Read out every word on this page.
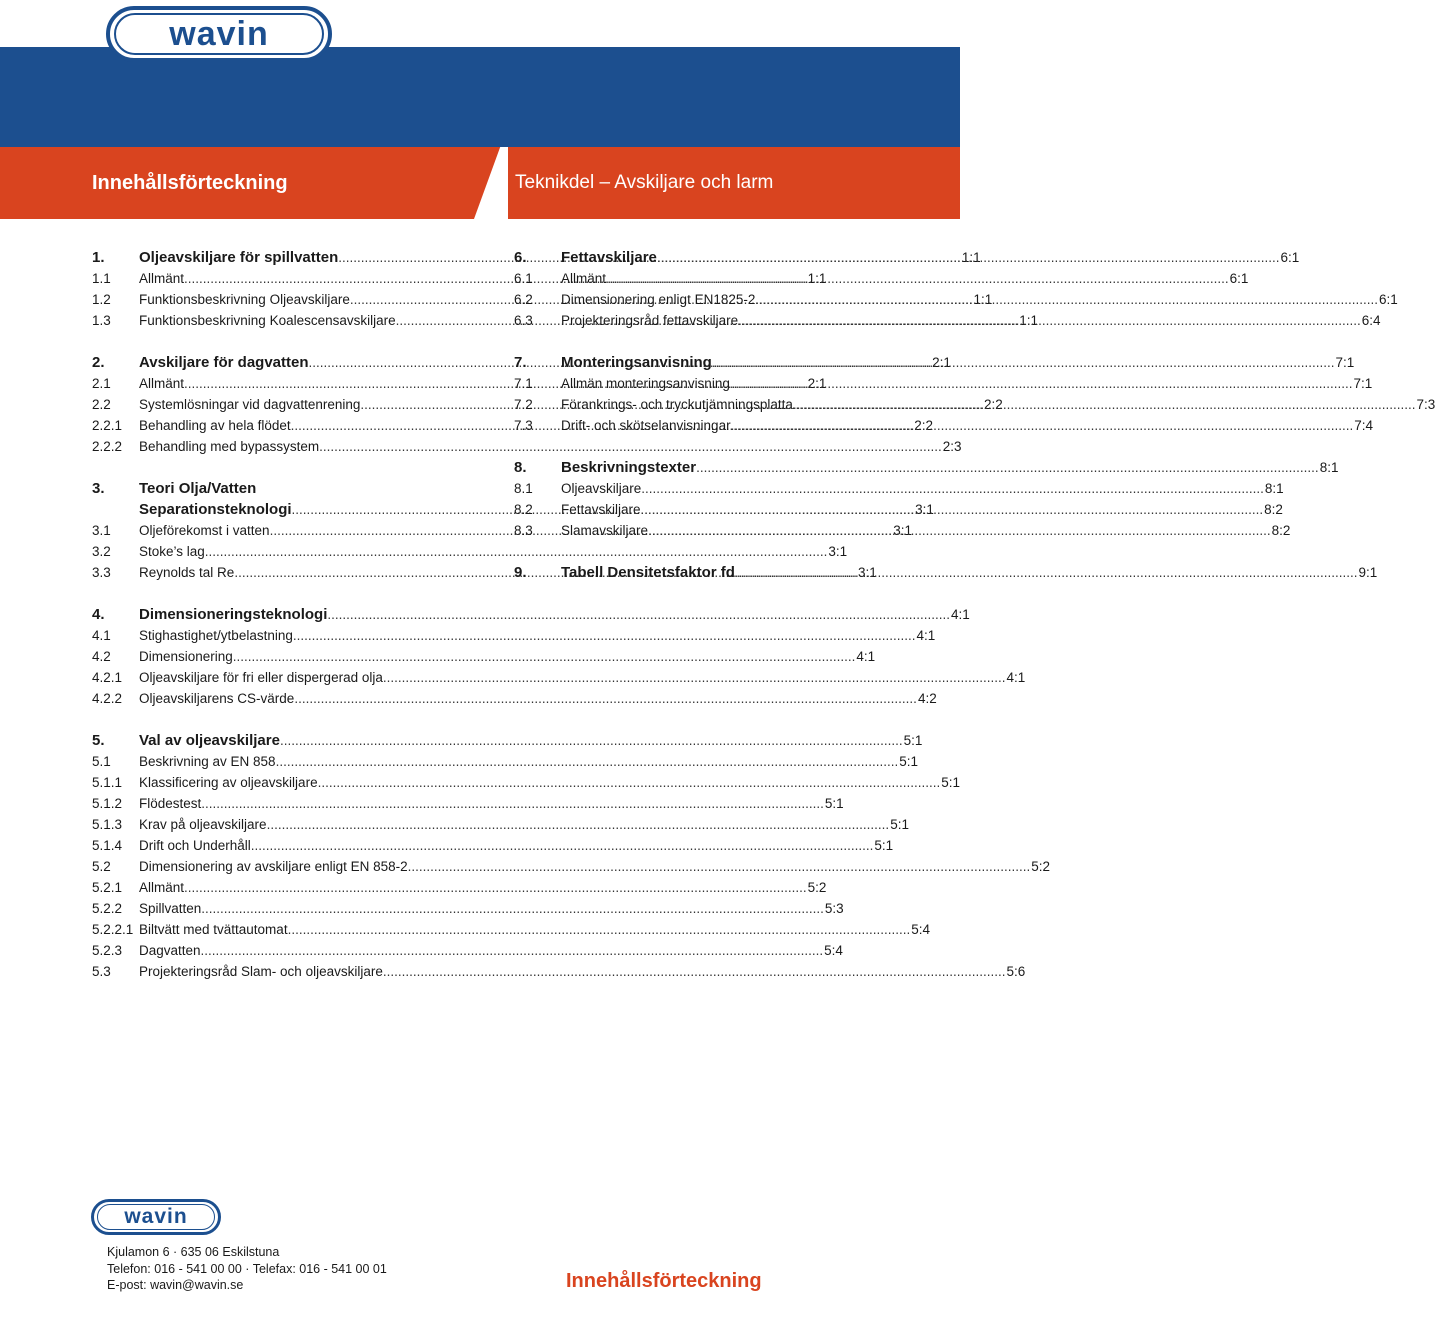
wavin
Innehållsförteckning	Teknikdel – Avskiljare och larm
1.	Oljeavskiljare för spillvatten .....	1:1
1.1	Allmänt .....	1:1
1.2	Funktionsbeskrivning Oljeavskiljare .....	1:1
1.3	Funktionsbeskrivning Koalescensavskiljare .....	1:1
2.	Avskiljare för dagvatten .....	2:1
2.1	Allmänt .....	2:1
2.2	Systemlösningar vid dagvattenrening .....	2:2
2.2.1	Behandling av hela flödet .....	2:2
2.2.2	Behandling med bypassystem .....	2:3
3.	Teori Olja/Vatten
Separationsteknologi .....	3:1
3.1	Oljeförekomst i vatten .....	3:1
3.2	Stoke’s lag .....	3:1
3.3	Reynolds tal Re .....	3:1
4.	Dimensioneringsteknologi .....	4:1
4.1	Stighastighet/ytbelastning .....	4:1
4.2	Dimensionering .....	4:1
4.2.1	Oljeavskiljare för fri eller dispergerad olja .....	4:1
4.2.2	Oljeavskiljarens CS-värde .....	4:2
5.	Val av oljeavskiljare .....	5:1
5.1	Beskrivning av EN 858 .....	5:1
5.1.1	Klassificering av oljeavskiljare .....	5:1
5.1.2	Flödestest .....	5:1
5.1.3	Krav på oljeavskiljare .....	5:1
5.1.4	Drift och Underhåll .....	5:1
5.2	Dimensionering av avskiljare enligt EN 858-2 .....	5:2
5.2.1	Allmänt .....	5:2
5.2.2	Spillvatten .....	5:3
5.2.2.1 Biltvätt med tvättautomat .....	5:4
5.2.3	Dagvatten .....	5:4
5.3	Projekteringsråd Slam- och oljeavskiljare .....	5:6
6.	Fettavskiljare .....	6:1
6.1	Allmänt .....	6:1
6.2	Dimensionering enligt EN1825-2 .....	6:1
6.3	Projekteringsråd fettavskiljare .....	6:4
7.	Monteringsanvisning .....	7:1
7.1	Allmän monteringsanvisning .....	7:1
7.2	Förankrings- och tryckutjämningsplatta .....	7:3
7.3	Drift- och skötselanvisningar .....	7:4
8.	Beskrivningstexter .....	8:1
8.1	Oljeavskiljare .....	8:1
8.2	Fettavskiljare .....	8:2
8.3	Slamavskiljare .....	8:2
9.	Tabell Densitetsfaktor fd .....	9:1
wavin
Kjulamon 6 · 635 06 Eskilstuna
Telefon: 016 - 541 00 00 · Telefax: 016 - 541 00 01
E-post: wavin@wavin.se	Innehållsförteckning
